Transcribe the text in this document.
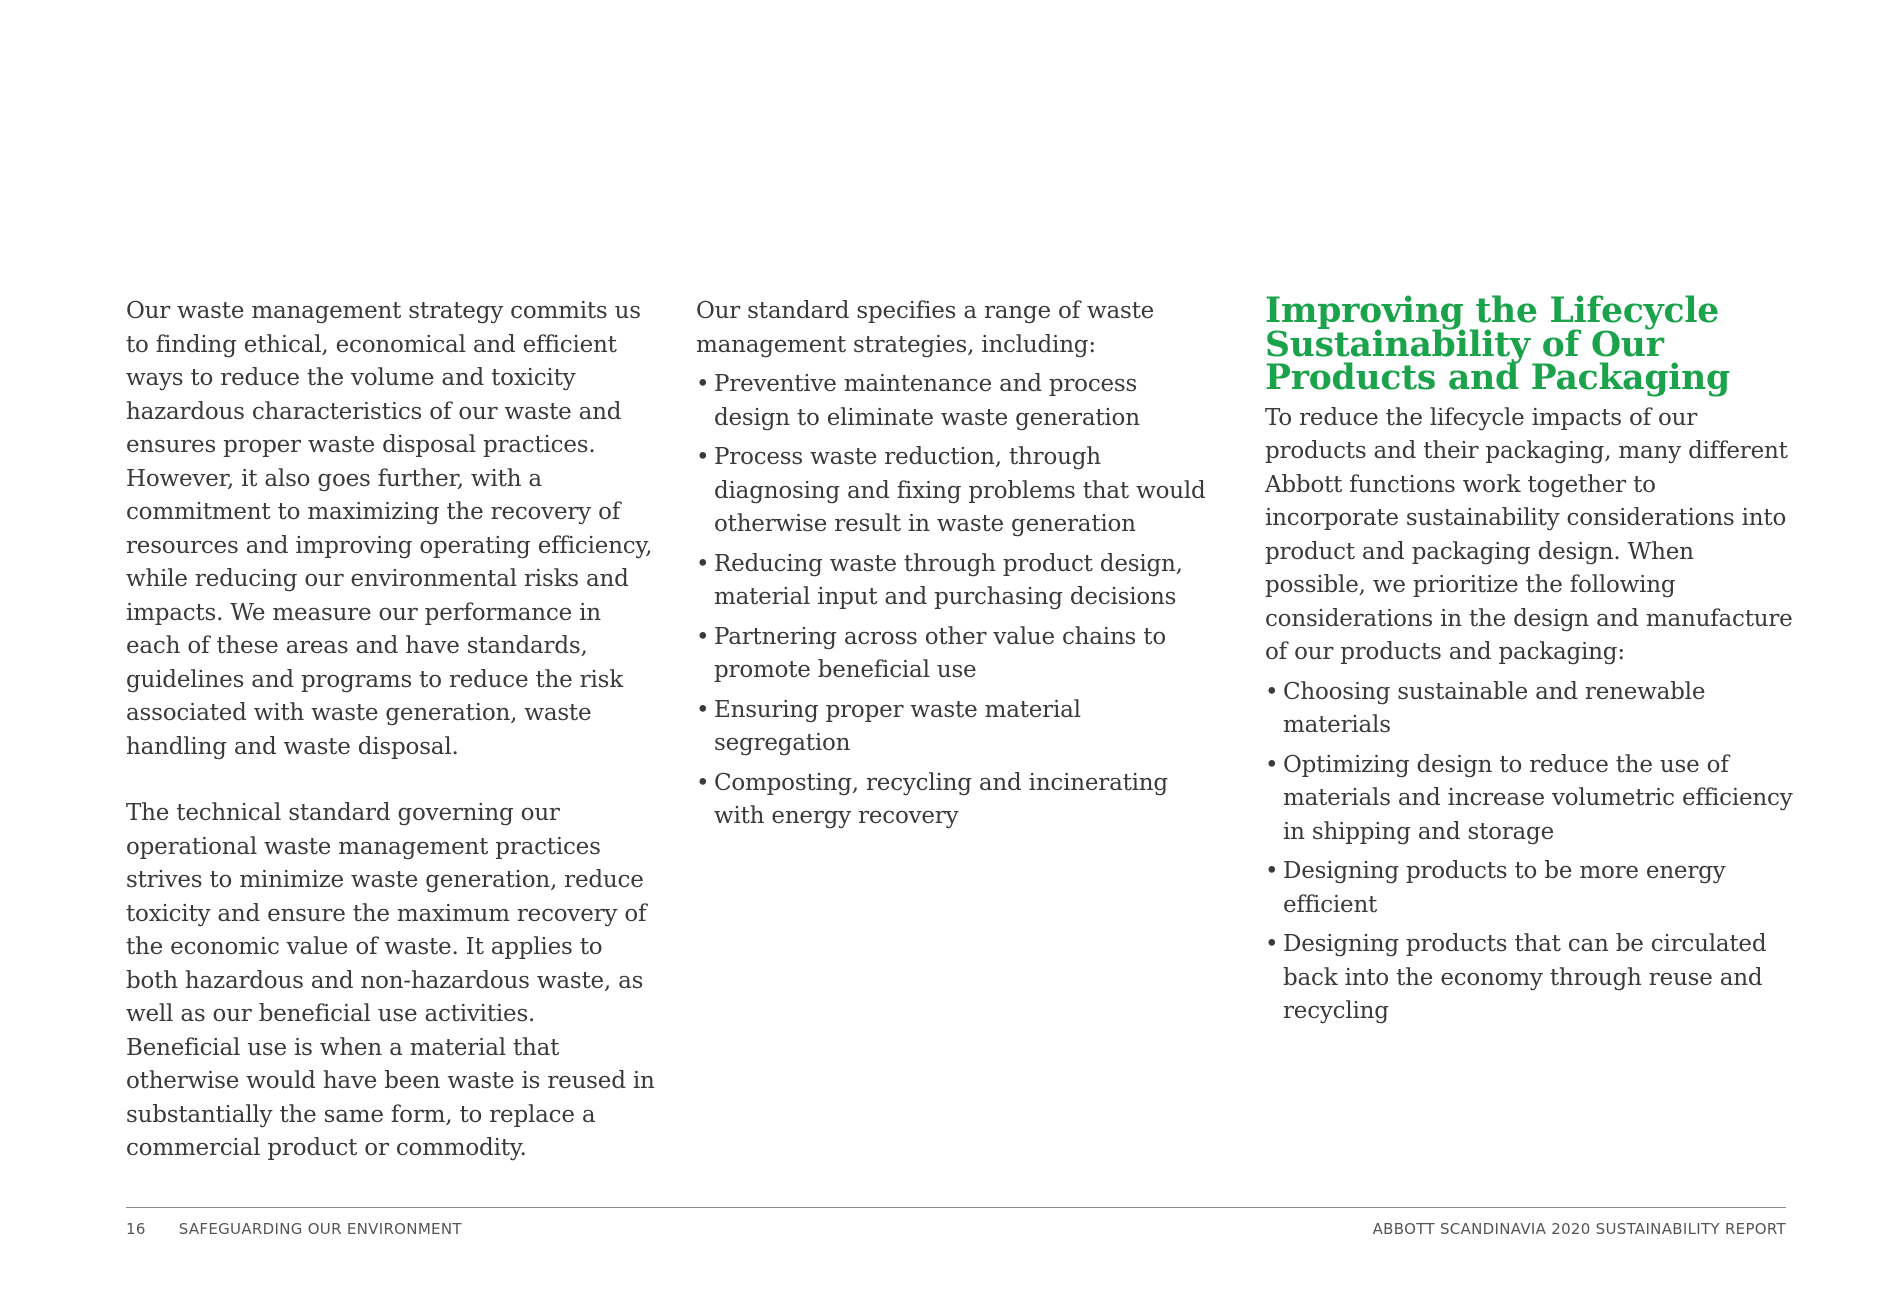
Our waste management strategy commits us to finding ethical, economical and efficient ways to reduce the volume and toxicity hazardous characteristics of our waste and ensures proper waste disposal practices. However, it also goes further, with a commitment to maximizing the recovery of resources and improving operating efficiency, while reducing our environmental risks and impacts. We measure our performance in each of these areas and have standards, guidelines and programs to reduce the risk associated with waste generation, waste handling and waste disposal.

The technical standard governing our operational waste management practices strives to minimize waste generation, reduce toxicity and ensure the maximum recovery of the economic value of waste. It applies to both hazardous and non-hazardous waste, as well as our beneficial use activities. Beneficial use is when a material that otherwise would have been waste is reused in substantially the same form, to replace a commercial product or commodity.

Our standard specifies a range of waste management strategies, including:

• Preventive maintenance and process design to eliminate waste generation
• Process waste reduction, through diagnosing and fixing problems that would otherwise result in waste generation
• Reducing waste through product design, material input and purchasing decisions
• Partnering across other value chains to promote beneficial use
• Ensuring proper waste material segregation
• Composting, recycling and incinerating with energy recovery
Improving the Lifecycle Sustainability of Our Products and Packaging

To reduce the lifecycle impacts of our products and their packaging, many different Abbott functions work together to incorporate sustainability considerations into product and packaging design. When possible, we prioritize the following considerations in the design and manufacture of our products and packaging:

• Choosing sustainable and renewable materials
• Optimizing design to reduce the use of materials and increase volumetric efficiency in shipping and storage
• Designing products to be more energy efficient
• Designing products that can be circulated back into the economy through reuse and recycling
16 SAFEGUARDING OUR ENVIRONMENT	ABBOTT SCANDINAVIA 2020 SUSTAINABILITY REPORT
